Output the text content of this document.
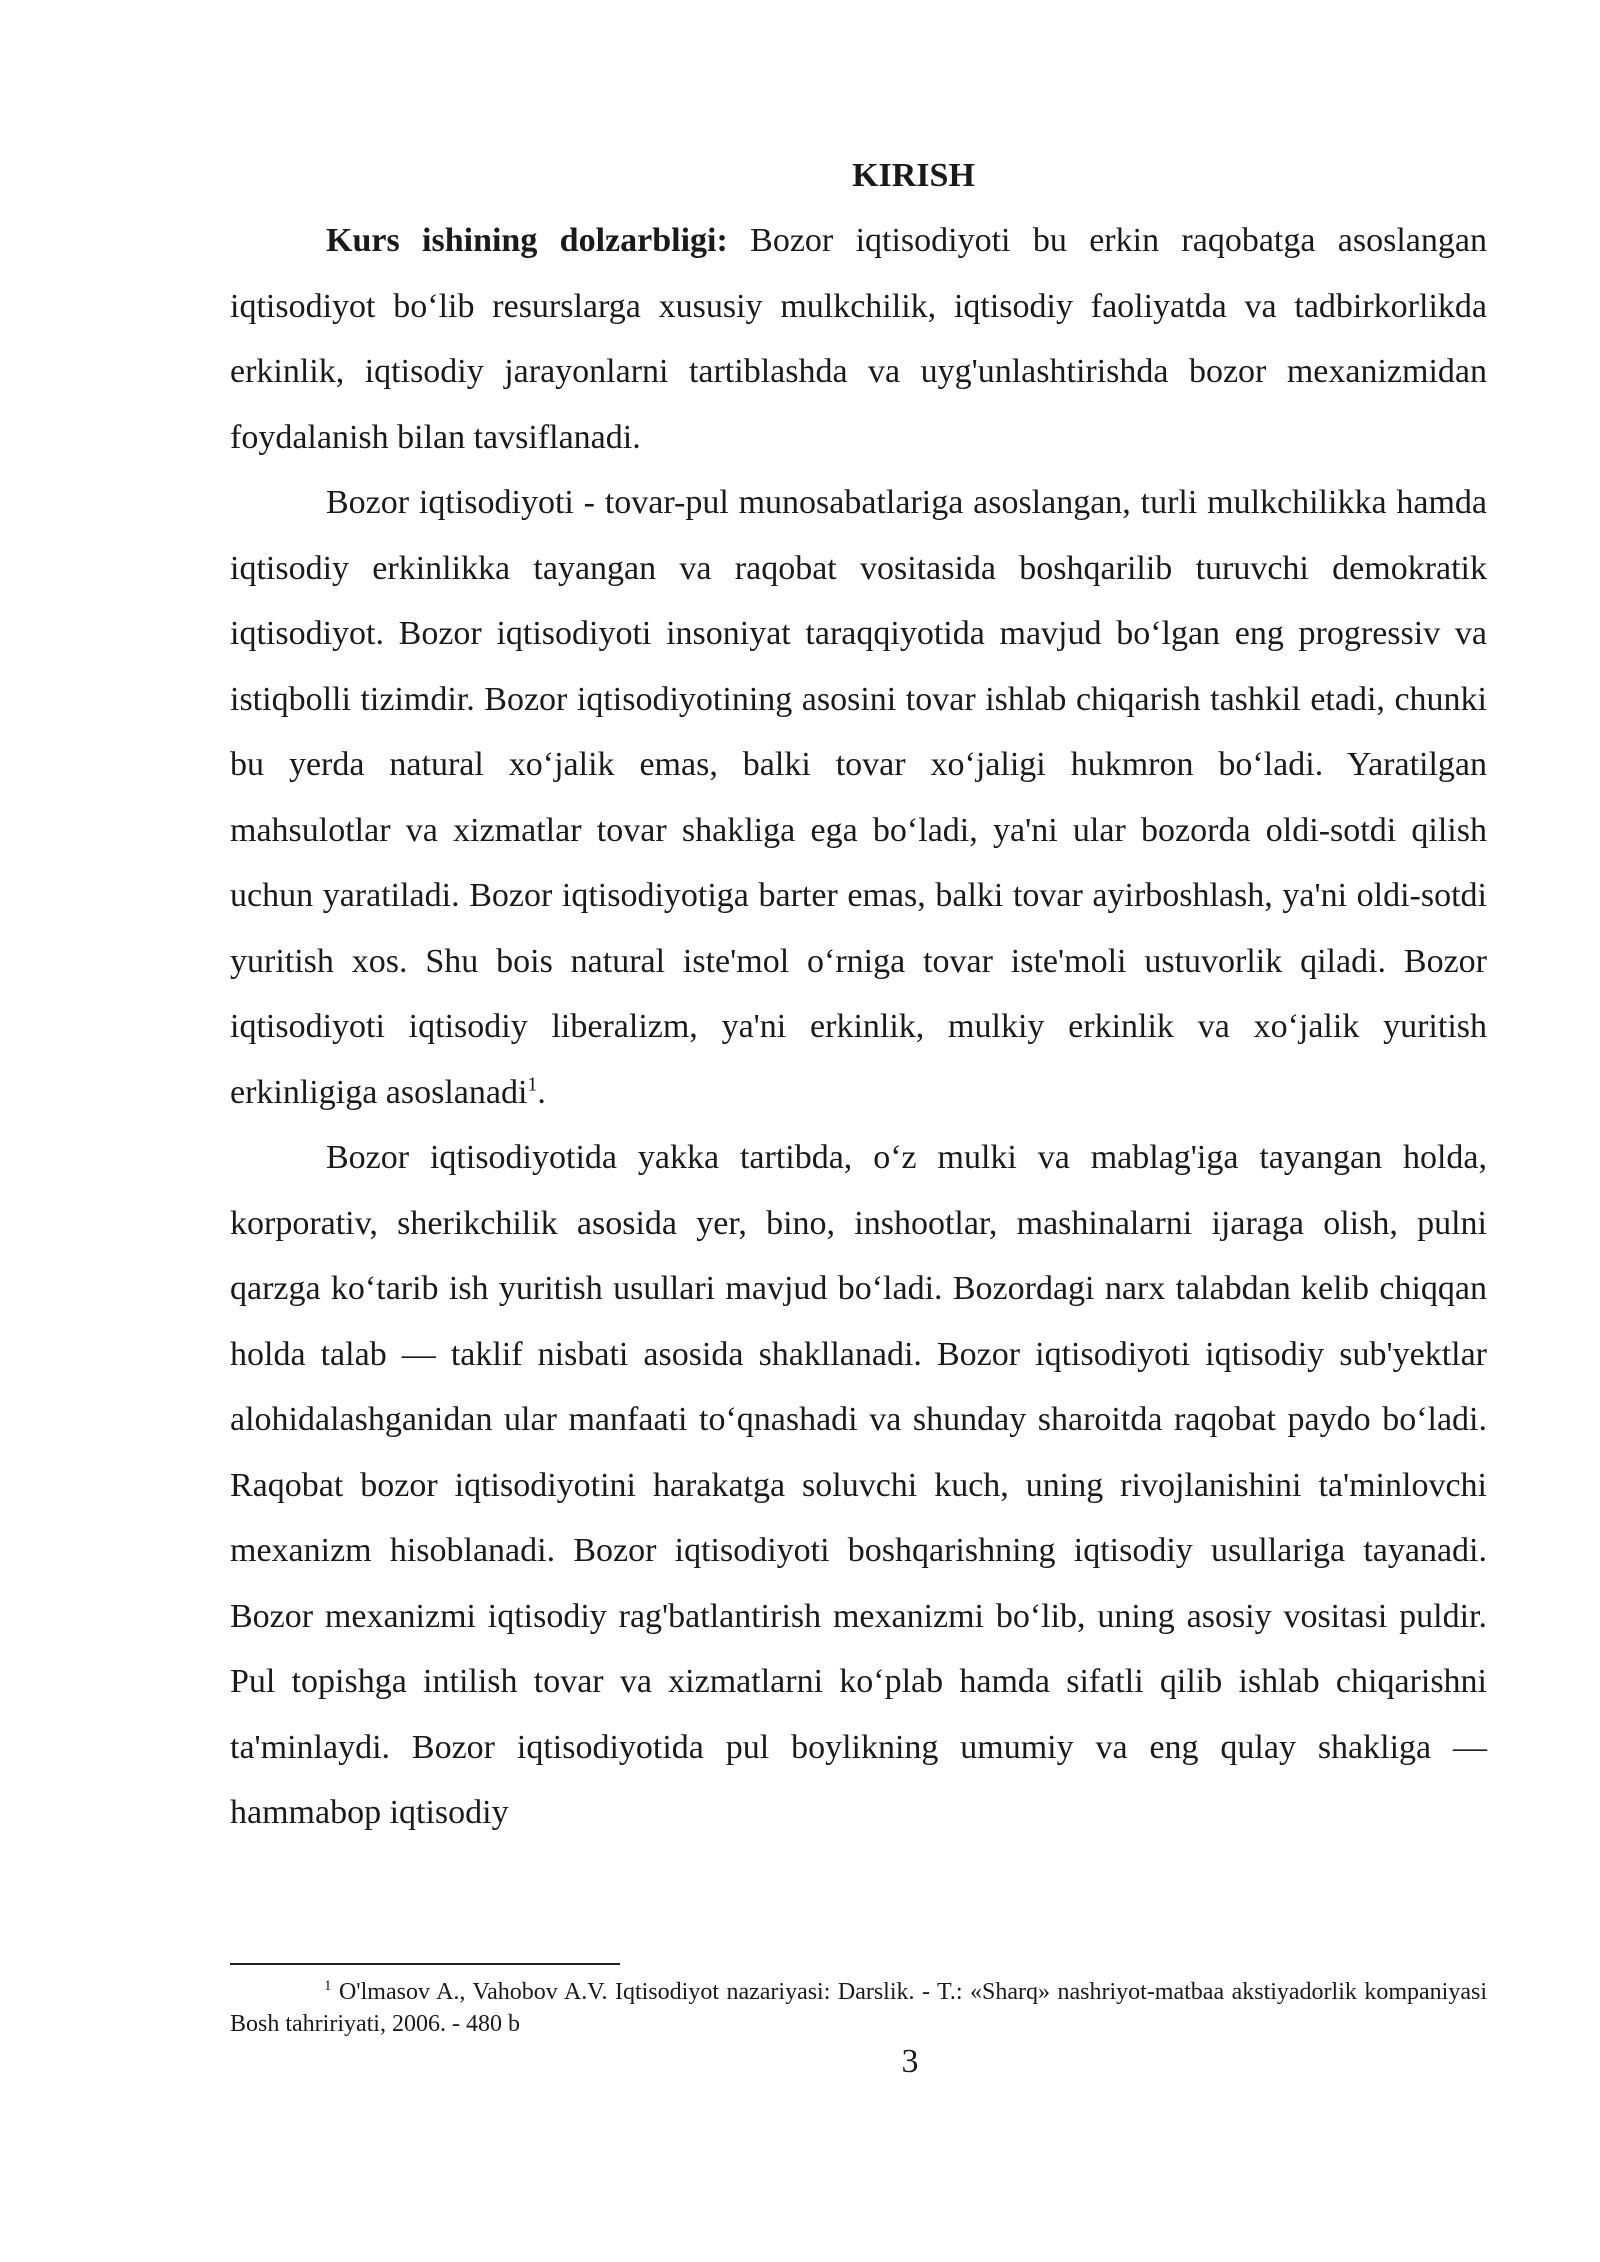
KIRISH

Kurs ishining dolzarbligi: Bozor iqtisodiyoti bu erkin raqobatga asoslangan iqtisodiyot bo‘lib resurslarga xususiy mulkchilik, iqtisodiy faoliyatda va tadbirkorlikda erkinlik, iqtisodiy jarayonlarni tartiblashda va uyg'unlashtirishda bozor mexanizmidan foydalanish bilan tavsiflanadi.

Bozor iqtisodiyoti - tovar-pul munosabatlariga asoslangan, turli mulkchilikka hamda iqtisodiy erkinlikka tayangan va raqobat vositasida boshqarilib turuvchi demokratik iqtisodiyot. Bozor iqtisodiyoti insoniyat taraqqiyotida mavjud bo‘lgan eng progressiv va istiqbolli tizimdir. Bozor iqtisodiyotining asosini tovar ishlab chiqarish tashkil etadi, chunki bu yerda natural xo‘jalik emas, balki tovar xo‘jaligi hukmron bo‘ladi. Yaratilgan mahsulotlar va xizmatlar tovar shakliga ega bo‘ladi, ya'ni ular bozorda oldi-sotdi qilish uchun yaratiladi. Bozor iqtisodiyotiga barter emas, balki tovar ayirboshlash, ya'ni oldi-sotdi yuritish xos. Shu bois natural iste'mol o‘rniga tovar iste'moli ustuvorlik qiladi. Bozor iqtisodiyoti iqtisodiy liberalizm, ya'ni erkinlik, mulkiy erkinlik va xo‘jalik yuritish erkinligiga asoslanadi$^1$.

Bozor iqtisodiyotida yakka tartibda, o‘z mulki va mablag'iga tayangan holda, korporativ, sherikchilik asosida yer, bino, inshootlar, mashinalarni ijaraga olish, pulni qarzga ko‘tarib ish yuritish usullari mavjud bo‘ladi. Bozordagi narx talabdan kelib chiqqan holda talab — taklif nisbati asosida shakllanadi. Bozor iqtisodiyoti iqtisodiy sub'yektlar alohidalashganidan ular manfaati to‘qnashadi va shunday sharoitda raqobat paydo bo‘ladi. Raqobat bozor iqtisodiyotini harakatga soluvchi kuch, uning rivojlanishini ta'minlovchi mexanizm hisoblanadi. Bozor iqtisodiyoti boshqarishning iqtisodiy usullariga tayanadi. Bozor mexanizmi iqtisodiy rag'batlantirish mexanizmi bo‘lib, uning asosiy vositasi puldir. Pul topishga intilish tovar va xizmatlarni ko‘plab hamda sifatli qilib ishlab chiqarishni ta'minlaydi. Bozor iqtisodiyotida pul boylikning umumiy va eng qulay shakliga — hammabop iqtisodiy

$^1$ O'lmasov A., Vahobov A.V. Iqtisodiyot nazariyasi: Darslik. - T.: «Sharq» nashriyot-matbaa akstiyadorlik kompaniyasi Bosh tahririyati, 2006. - 480 b

3
